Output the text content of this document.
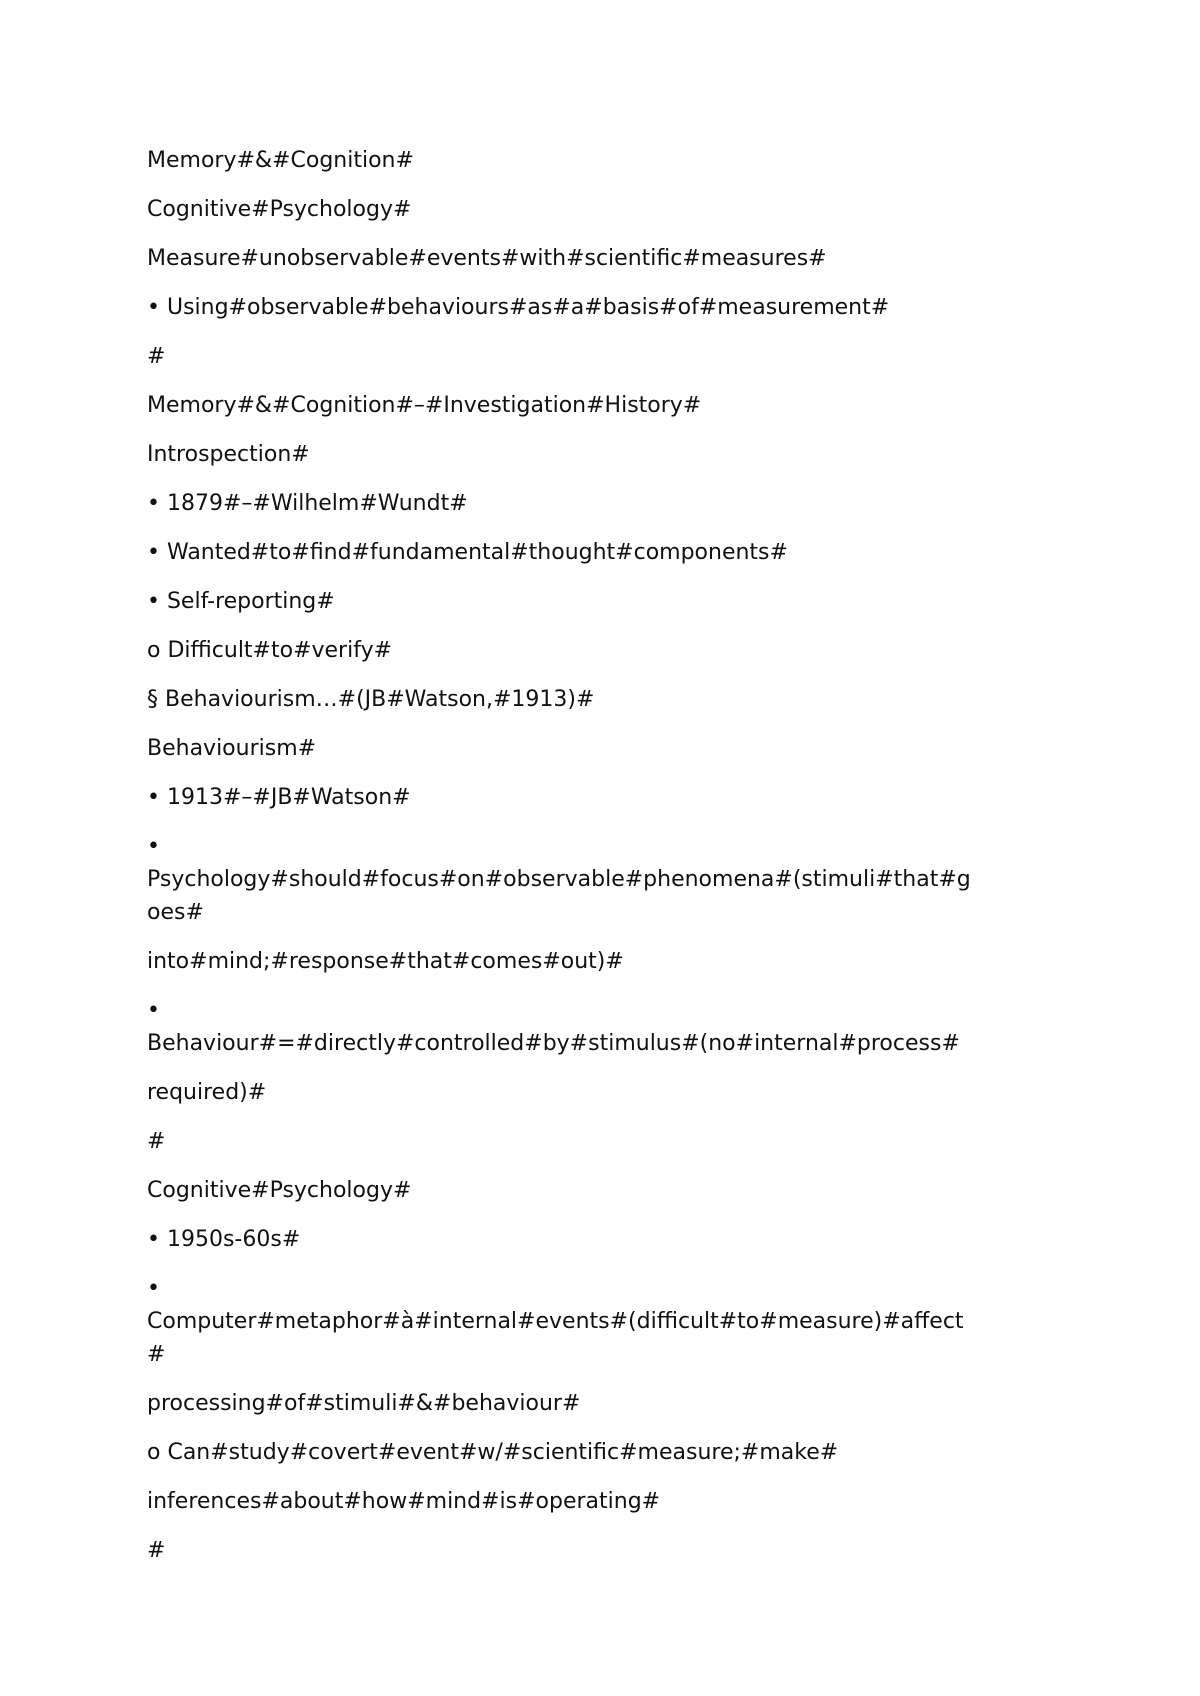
Memory#&#Cognition#

Cognitive#Psychology#

Measure#unobservable#events#with#scientific#measures#

• Using#observable#behaviours#as#a#basis#of#measurement#

#

Memory#&#Cognition#–#Investigation#History#

Introspection#

• 1879#–#Wilhelm#Wundt#

• Wanted#to#find#fundamental#thought#components#

• Self-reporting#

o Difficult#to#verify#

§ Behaviourism…#(JB#Watson,#1913)#

Behaviourism#

• 1913#–#JB#Watson#

•

Psychology#should#focus#on#observable#phenomena#(stimuli#that#g

oes#

into#mind;#response#that#comes#out)#

•

Behaviour#=#directly#controlled#by#stimulus#(no#internal#process#

required)#

#

Cognitive#Psychology#

• 1950s-60s#

•

Computer#metaphor#à#internal#events#(difficult#to#measure)#affect

#

processing#of#stimuli#&#behaviour#

o Can#study#covert#event#w/#scientific#measure;#make#

inferences#about#how#mind#is#operating#

#
